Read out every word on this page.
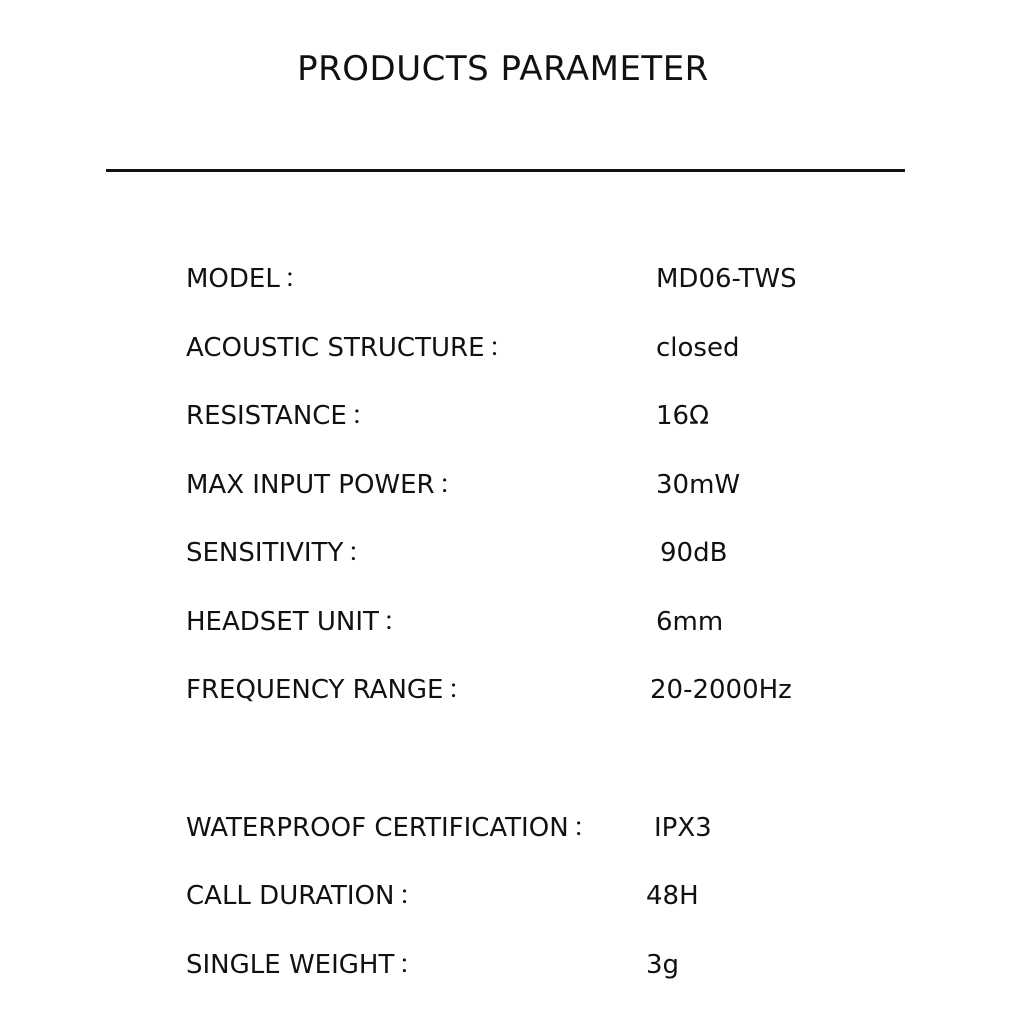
PRODUCTS PARAMETER
MODEL ：	MD06-TWS
ACOUSTIC STRUCTURE ：	closed
RESISTANCE ：	16Ω
MAX INPUT POWER ：	30mW
SENSITIVITY ：	90dB
HEADSET UNIT ：	6mm
FREQUENCY RANGE ：	20-2000Hz
WATERPROOF CERTIFICATION ： IPX3
CALL DURATION ：	48H
SINGLE WEIGHT ：	3g
